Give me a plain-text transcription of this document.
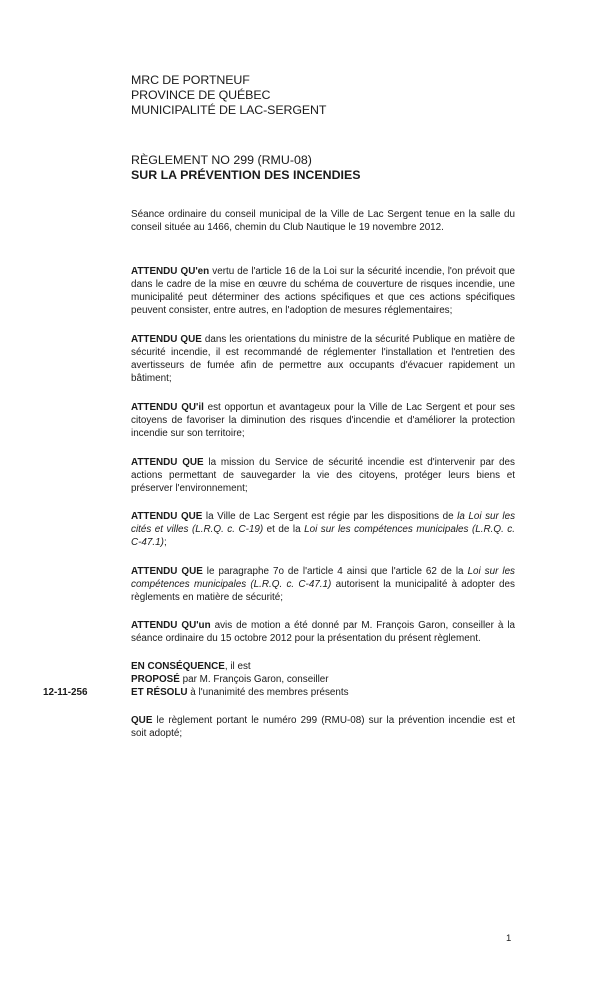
MRC DE PORTNEUF
PROVINCE DE QUÉBEC
MUNICIPALITÉ DE LAC-SERGENT
RÈGLEMENT NO 299 (RMU-08)
SUR LA PRÉVENTION DES INCENDIES
Séance ordinaire du conseil municipal de la Ville de Lac Sergent tenue en la salle du conseil située au 1466, chemin du Club Nautique le 19 novembre 2012.
ATTENDU QU'en vertu de l'article 16 de la Loi sur la sécurité incendie, l'on prévoit que dans le cadre de la mise en œuvre du schéma de couverture de risques incendie, une municipalité peut déterminer des actions spécifiques et que ces actions spécifiques peuvent consister, entre autres, en l'adoption de mesures réglementaires;
ATTENDU QUE dans les orientations du ministre de la sécurité Publique en matière de sécurité incendie, il est recommandé de réglementer l'installation et l'entretien des avertisseurs de fumée afin de permettre aux occupants d'évacuer rapidement un bâtiment;
ATTENDU QU'il est opportun et avantageux pour la Ville de Lac Sergent et pour ses citoyens de favoriser la diminution des risques d'incendie et d'améliorer la protection incendie sur son territoire;
ATTENDU QUE la mission du Service de sécurité incendie est d'intervenir par des actions permettant de sauvegarder la vie des citoyens, protéger leurs biens et préserver l'environnement;
ATTENDU QUE la Ville de Lac Sergent est régie par les dispositions de la Loi sur les cités et villes (L.R.Q. c. C-19) et de la Loi sur les compétences municipales (L.R.Q. c. C-47.1);
ATTENDU QUE le paragraphe 7o de l'article 4 ainsi que l'article 62 de la Loi sur les compétences municipales (L.R.Q. c. C-47.1) autorisent la municipalité à adopter des règlements en matière de sécurité;
ATTENDU QU'un avis de motion a été donné par M. François Garon, conseiller à la séance ordinaire du 15 octobre 2012 pour la présentation du présent règlement.
EN CONSÉQUENCE, il est
PROPOSÉ par M. François Garon, conseiller
ET RÉSOLU à l'unanimité des membres présents
12-11-256
QUE le règlement portant le numéro 299 (RMU-08) sur la prévention incendie est et soit adopté;
1
